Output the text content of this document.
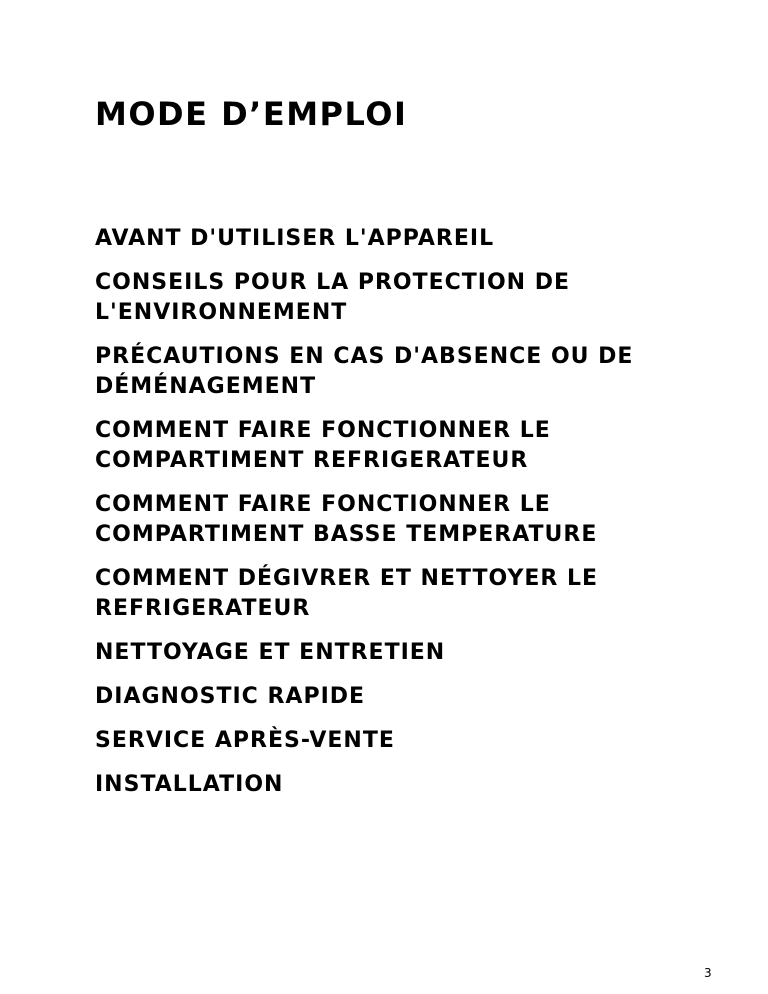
MODE D’EMPLOI
AVANT D'UTILISER L'APPAREIL
CONSEILS POUR LA PROTECTION DE
L'ENVIRONNEMENT
PRÉCAUTIONS EN CAS D'ABSENCE OU DE
DÉMÉNAGEMENT
COMMENT FAIRE FONCTIONNER LE
COMPARTIMENT REFRIGERATEUR
COMMENT FAIRE FONCTIONNER LE
COMPARTIMENT BASSE TEMPERATURE
COMMENT DÉGIVRER ET NETTOYER LE
REFRIGERATEUR
NETTOYAGE ET ENTRETIEN
DIAGNOSTIC RAPIDE
SERVICE APRÈS-VENTE
INSTALLATION
3
